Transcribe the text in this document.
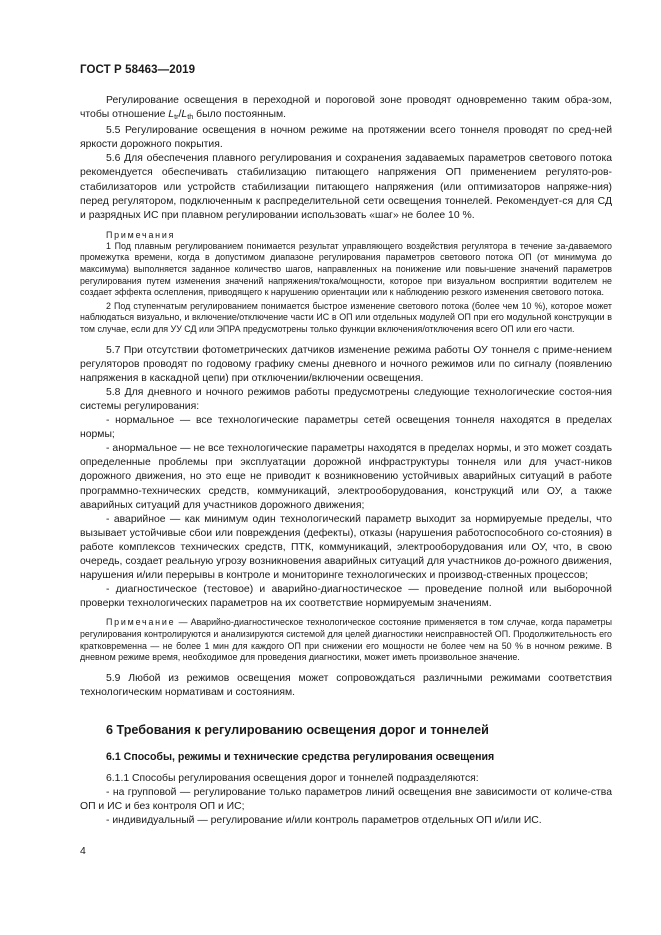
ГОСТ Р 58463—2019

Регулирование освещения в переходной и пороговой зоне проводят одновременно таким обра-зом, чтобы отношение $L_{tr}/L_{th}$ было постоянным.

5.5 Регулирование освещения в ночном режиме на протяжении всего тоннеля проводят по сред-ней яркости дорожного покрытия.

5.6 Для обеспечения плавного регулирования и сохранения задаваемых параметров светового потока рекомендуется обеспечивать стабилизацию питающего напряжения ОП применением регулято-ров-стабилизаторов или устройств стабилизации питающего напряжения (или оптимизаторов напряже-ния) перед регулятором, подключенным к распределительной сети освещения тоннелей. Рекомендует-ся для СД и разрядных ИС при плавном регулировании использовать «шаг» не более 10 %.

Примечания

1 Под плавным регулированием понимается результат управляющего воздействия регулятора в течение за-даваемого промежутка времени, когда в допустимом диапазоне регулирования параметров светового потока ОП (от минимума до максимума) выполняется заданное количество шагов, направленных на понижение или повы-шение значений параметров регулирования путем изменения значений напряжения/тока/мощности, которое при визуальном восприятии водителем не создает эффекта ослепления, приводящего к нарушению ориентации или к наблюдению резкого изменения светового потока.

2 Под ступенчатым регулированием понимается быстрое изменение светового потока (более чем 10 %), которое может наблюдаться визуально, и включение/отключение части ИС в ОП или отдельных модулей ОП при его модульной конструкции в том случае, если для УУ СД или ЭПРА предусмотрены только функции включения/отключения всего ОП или его части.

5.7 При отсутствии фотометрических датчиков изменение режима работы ОУ тоннеля с приме-нением регуляторов проводят по годовому графику смены дневного и ночного режимов или по сигналу (появлению напряжения в каскадной цепи) при отключении/включении освещения.

5.8 Для дневного и ночного режимов работы предусмотрены следующие технологические состоя-ния системы регулирования:

- нормальное — все технологические параметры сетей освещения тоннеля находятся в пределах нормы;

- анормальное — не все технологические параметры находятся в пределах нормы, и это может создать определенные проблемы при эксплуатации дорожной инфраструктуры тоннеля или для участ-ников дорожного движения, но это еще не приводит к возникновению устойчивых аварийных ситуаций в работе программно-технических средств, коммуникаций, электрооборудования, конструкций или ОУ, а также аварийных ситуаций для участников дорожного движения;

- аварийное — как минимум один технологический параметр выходит за нормируемые пределы, что вызывает устойчивые сбои или повреждения (дефекты), отказы (нарушения работоспособного со-стояния) в работе комплексов технических средств, ПТК, коммуникаций, электрооборудования или ОУ, что, в свою очередь, создает реальную угрозу возникновения аварийных ситуаций для участников до-рожного движения, нарушения и/или перерывы в контроле и мониторинге технологических и производ-ственных процессов;

- диагностическое (тестовое) и аварийно-диагностическое — проведение полной или выборочной проверки технологических параметров на их соответствие нормируемым значениям.

Примечание — Аварийно-диагностическое технологическое состояние применяется в том случае, когда параметры регулирования контролируются и анализируются системой для целей диагностики неисправностей ОП. Продолжительность его кратковременна — не более 1 мин для каждого ОП при снижении его мощности не более чем на 50 % в ночном режиме. В дневном режиме время, необходимое для проведения диагностики, может иметь произвольное значение.

5.9 Любой из режимов освещения может сопровождаться различными режимами соответствия технологическим нормативам и состояниям.

6 Требования к регулированию освещения дорог и тоннелей

6.1 Способы, режимы и технические средства регулирования освещения

6.1.1 Способы регулирования освещения дорог и тоннелей подразделяются:

- на групповой — регулирование только параметров линий освещения вне зависимости от количе-ства ОП и ИС и без контроля ОП и ИС;

- индивидуальный — регулирование и/или контроль параметров отдельных ОП и/или ИС.

4
